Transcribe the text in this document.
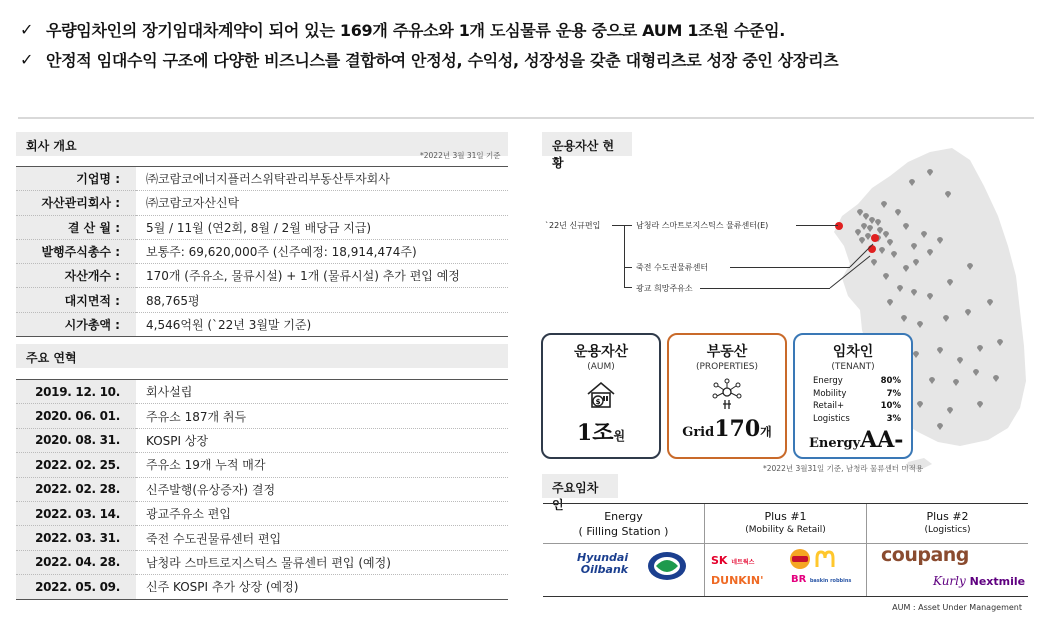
✓ 우량임차인의 장기임대차계약이 되어 있는 169개 주유소와 1개 도심물류 운용 중으로 AUM 1조원 수준임.
✓ 안정적 임대수익 구조에 다양한 비즈니스를 결합하여 안정성, 수익성, 성장성을 갖춘 대형리츠로 성장 중인 상장리츠
회사 개요
*2022년 3월 31일 기준
기업명 :	㈜코람코에너지플러스위탁관리부동산투자회사
자산관리회사 :	㈜코람코자산신탁
결 산 월 :	5월 / 11월 (연2회, 8월 / 2월 배당금 지급)
발행주식총수 :	보통주: 69,620,000주 (신주예정: 18,914,474주)
자산개수 :	170개 (주유소, 물류시설) + 1개 (물류시설) 추가 편입 예정
대지면적 :	88,765평
시가총액 :	4,546억원 (`22년 3월말 기준)
주요 연혁
2019. 12. 10.	회사설립
2020. 06. 01.	주유소 187개 취득
2020. 08. 31.	KOSPI 상장
2022. 02. 25.	주유소 19개 누적 매각
2022. 02. 28.	신주발행(유상증자) 결정
2022. 03. 14.	광교주유소 편입
2022. 03. 31.	죽전 수도권물류센터 편입
2022. 04. 28.	남청라 스마트로지스틱스 물류센터 편입 (예정)
2022. 05. 09.	신주 KOSPI 추가 상장 (예정)
운용자산 현황
`22년 신규편입	남청라 스마트로지스틱스 물류센터(E)
죽전 수도권물류센터
광교 희망주유소
운용자산
(AUM)
$
1조원
부동산
(PROPERTIES)
Grid170개
임차인
(TENANT)
Energy	80%
Mobility	7%
Retail+	10%
Logistics	3%
EnergyAA-
*2022년 3월31일 기준, 남청라 물류센터 미적용
주요임차인
Energy
( Filling Station )
Hyundai
Oilbank
Plus #1
(Mobility & Retail)
SK 네트웍스
DUNKIN'	BR baskin robbins
Plus #2
(Logistics)
coupang
Kurly Nextmile
AUM : Asset Under Management
